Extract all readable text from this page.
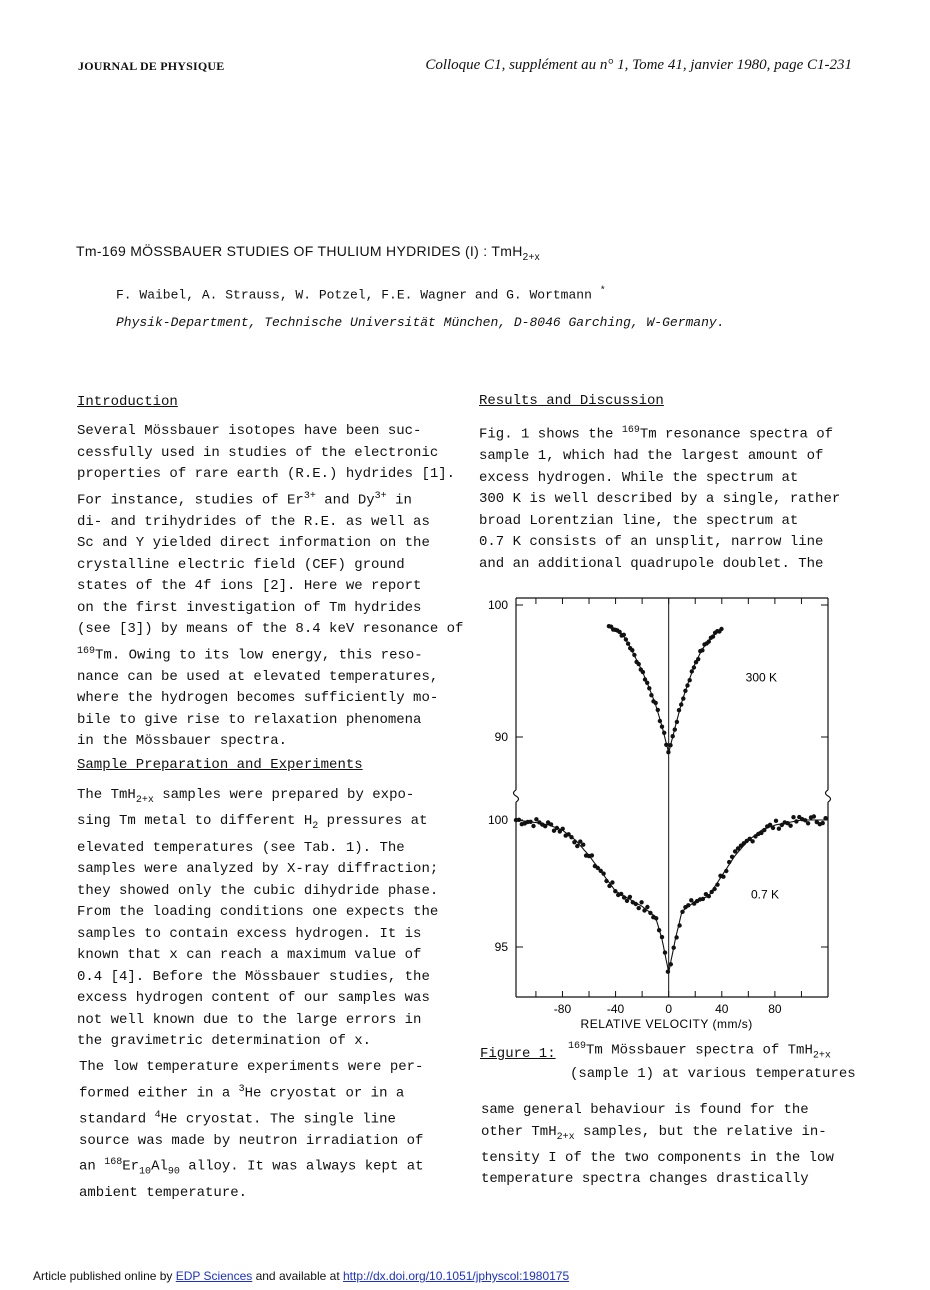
JOURNAL DE PHYSIQUE	Colloque C1, supplément au n° 1, Tome 41, janvier 1980, page C1-231
Tm-169 MÖSSBAUER STUDIES OF THULIUM HYDRIDES (I) : TmH$_{2+x}$
F. Waibel, A. Strauss, W. Potzel, F.E. Wagner and G. Wortmann *
Physik-Department, Technische Universität München, D-8046 Garching, W-Germany.
Introduction
Several Mössbauer isotopes have been suc-
cessfully used in studies of the electronic
properties of rare earth (R.E.) hydrides [1].
For instance, studies of $Er^{3+}$ and $Dy^{3+}$ in
di- and trihydrides of the R.E. as well as
Sc and Y yielded direct information on the
crystalline electric field (CEF) ground
states of the 4f ions [2]. Here we report
on the first investigation of Tm hydrides
(see [3]) by means of the 8.4 keV resonance of
$^{169}$Tm. Owing to its low energy, this reso-
nance can be used at elevated temperatures,
where the hydrogen becomes sufficiently mo-
bile to give rise to relaxation phenomena
in the Mössbauer spectra.
Sample Preparation and Experiments
The TmH$_{2+x}$ samples were prepared by expo-
sing Tm metal to different $H_2$ pressures at
elevated temperatures (see Tab. 1). The
samples were analyzed by X-ray diffraction;
they showed only the cubic dihydride phase.
From the loading conditions one expects the
samples to contain excess hydrogen. It is
known that x can reach a maximum value of
0.4 [4]. Before the Mössbauer studies, the
excess hydrogen content of our samples was
not well known due to the large errors in
the gravimetric determination of x.
The low temperature experiments were per-
formed either in a $^3$He cryostat or in a
standard $^4$He cryostat. The single line
source was made by neutron irradiation of
an $^{168}Er_{10}Al_{90}$ alloy. It was always kept at
ambient temperature.
Results and Discussion
Fig. 1 shows the $^{169}$Tm resonance spectra of
sample 1, which had the largest amount of
excess hydrogen. While the spectrum at
300 K is well described by a single, rather
broad Lorentzian line, the spectrum at
0.7 K consists of an unsplit, narrow line
and an additional quadrupole doublet. The
-80	-40	0	40	80
RELATIVE VELOCITY (mm/s)
100
90
100
95
300 K
0.7 K
Figure 1: $^{169}$Tm Mössbauer spectra of TmH$_{2+x}$
(sample 1) at various temperatures
same general behaviour is found for the
other TmH$_{2+x}$ samples, but the relative in-
tensity I of the two components in the low
temperature spectra changes drastically
Article published online by EDP Sciences and available at http://dx.doi.org/10.1051/jphyscol:1980175
